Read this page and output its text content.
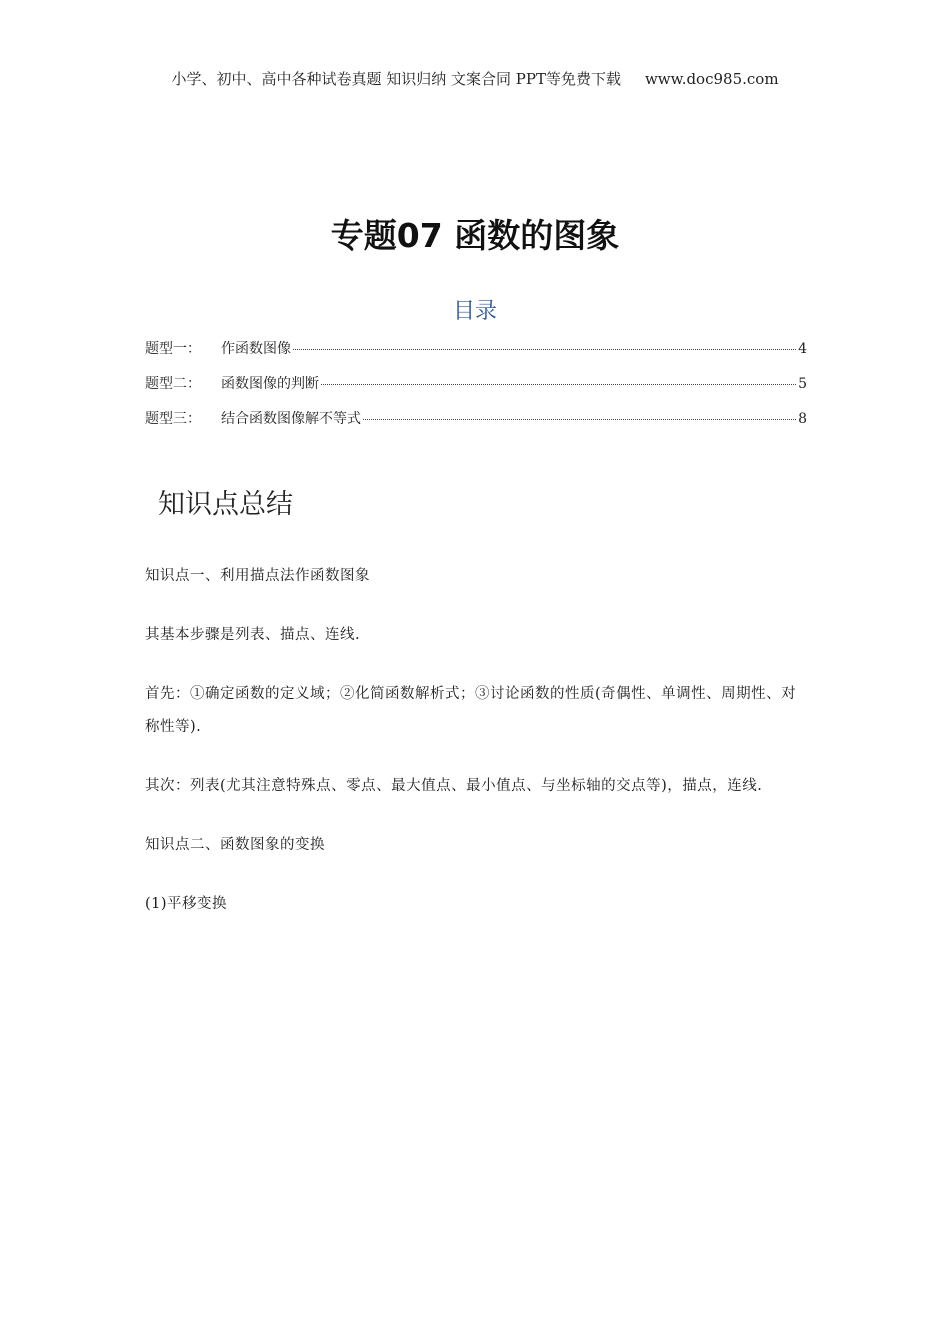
小学、初中、高中各种试卷真题 知识归纳 文案合同 PPT等免费下载 www.doc985.com
专题07 函数的图象
目录
题型一：	作函数图像	4
题型二：	函数图像的判断	5
题型三：	结合函数图像解不等式	8
知识点总结

知识点一、利用描点法作函数图象

其基本步骤是列表、描点、连线.

首先：①确定函数的定义域；②化简函数解析式；③讨论函数的性质(奇偶性、单调性、周期性、对称性等).

其次：列表(尤其注意特殊点、零点、最大值点、最小值点、与坐标轴的交点等)，描点，连线.

知识点二、函数图象的变换

(1)平移变换
